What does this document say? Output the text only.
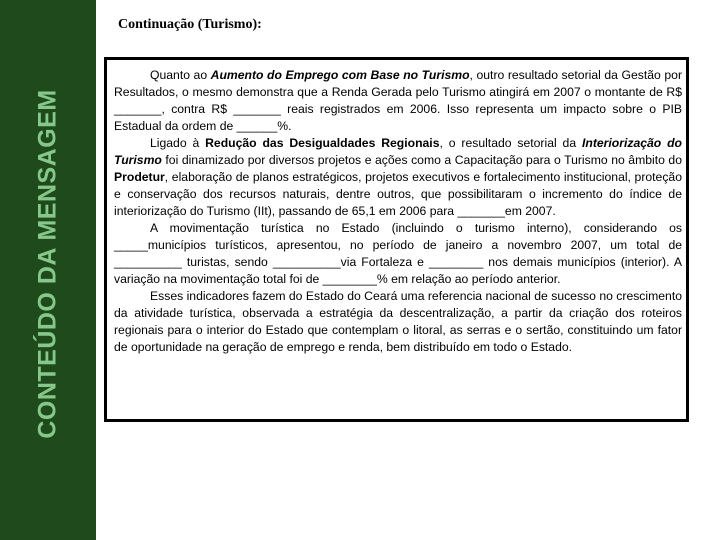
CONTEÚDO DA MENSAGEM
Continuação (Turismo):

Quanto ao Aumento do Emprego com Base no Turismo, outro resultado setorial da Gestão por Resultados, o mesmo demonstra que a Renda Gerada pelo Turismo atingirá em 2007 o montante de R$ _______, contra R$ _______ reais registrados em 2006. Isso representa um impacto sobre o PIB Estadual da ordem de ______%.

Ligado à Redução das Desigualdades Regionais, o resultado setorial da Interiorização do Turismo foi dinamizado por diversos projetos e ações como a Capacitação para o Turismo no âmbito do Prodetur, elaboração de planos estratégicos, projetos executivos e fortalecimento institucional, proteção e conservação dos recursos naturais, dentre outros, que possibilitaram o incremento do índice de interiorização do Turismo (IIt), passando de 65,1 em 2006 para _______em 2007.

A movimentação turística no Estado (incluindo o turismo interno), considerando os _____municípios turísticos, apresentou, no período de janeiro a novembro 2007, um total de __________ turistas, sendo __________via Fortaleza e ________ nos demais municípios (interior). A variação na movimentação total foi de ________% em relação ao período anterior.

Esses indicadores fazem do Estado do Ceará uma referencia nacional de sucesso no crescimento da atividade turística, observada a estratégia da descentralização, a partir da criação dos roteiros regionais para o interior do Estado que contemplam o litoral, as serras e o sertão, constituindo um fator de oportunidade na geração de emprego e renda, bem distribuído em todo o Estado.
